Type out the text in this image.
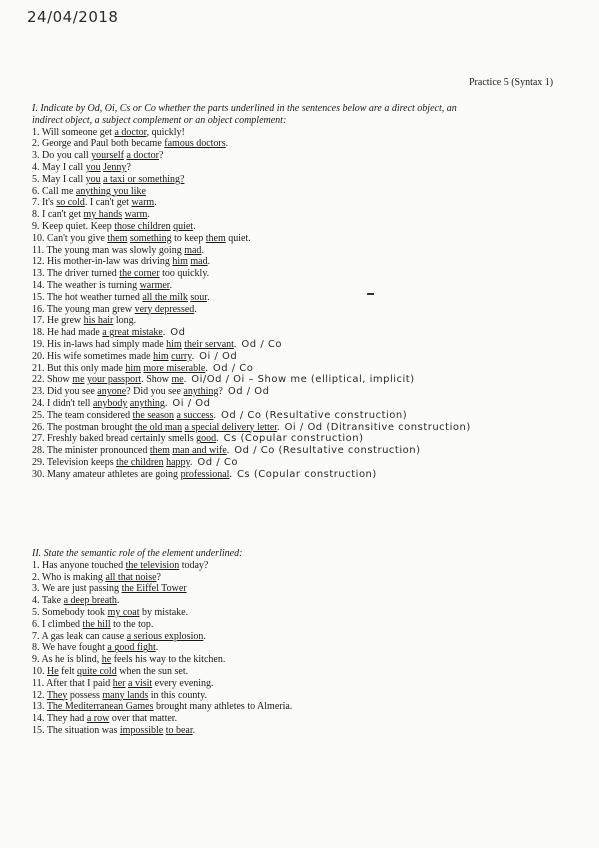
24/04/2018
Practice 5 (Syntax 1)
I. Indicate by Od, Oi, Cs or Co whether the parts underlined in the sentences below are a direct object, an
indirect object, a subject complement or an object complement:
1. Will someone get a doctor, quickly!
2. George and Paul both became famous doctors.
3. Do you call yourself a doctor?
4. May I call you Jenny?
5. May I call you a taxi or something?
6. Call me anything you like
7. It's so cold. I can't get warm.
8. I can't get my hands warm.
9. Keep quiet. Keep those children quiet.
10. Can't you give them something to keep them quiet.
11. The young man was slowly going mad.
12. His mother-in-law was driving him mad.
13. The driver turned the corner too quickly.
14. The weather is turning warmer.
15. The hot weather turned all the milk sour.
16. The young man grew very depressed.
17. He grew his hair long.
18. He had made a great mistake. Od
19. His in-laws had simply made him their servant. Od / Co
20. His wife sometimes made him curry. Oi / Od
21. But this only made him more miserable. Od / Co
22. Show me your passport. Show me. Oi/Od / Oi – Show me (elliptical, implicit)
23. Did you see anyone? Did you see anything? Od / Od
24. I didn't tell anybody anything. Oi / Od
25. The team considered the season a success. Od / Co (Resultative construction)
26. The postman brought the old man a special delivery letter. Oi / Od (Ditransitive construction)
27. Freshly baked bread certainly smells good. Cs (Copular construction)
28. The minister pronounced them man and wife. Od / Co (Resultative construction)
29. Television keeps the children happy. Od / Co
30. Many amateur athletes are going professional. Cs (Copular construction)
II. State the semantic role of the element underlined:
1. Has anyone touched the television today?
2. Who is making all that noise?
3. We are just passing the Eiffel Tower
4. Take a deep breath.
5. Somebody took my coat by mistake.
6. I climbed the hill to the top.
7. A gas leak can cause a serious explosion.
8. We have fought a good fight.
9. As he is blind, he feels his way to the kitchen.
10. He felt quite cold when the sun set.
11. After that I paid her a visit every evening.
12. They possess many lands in this county.
13. The Mediterranean Games brought many athletes to Almeria.
14. They had a row over that matter.
15. The situation was impossible to bear.
